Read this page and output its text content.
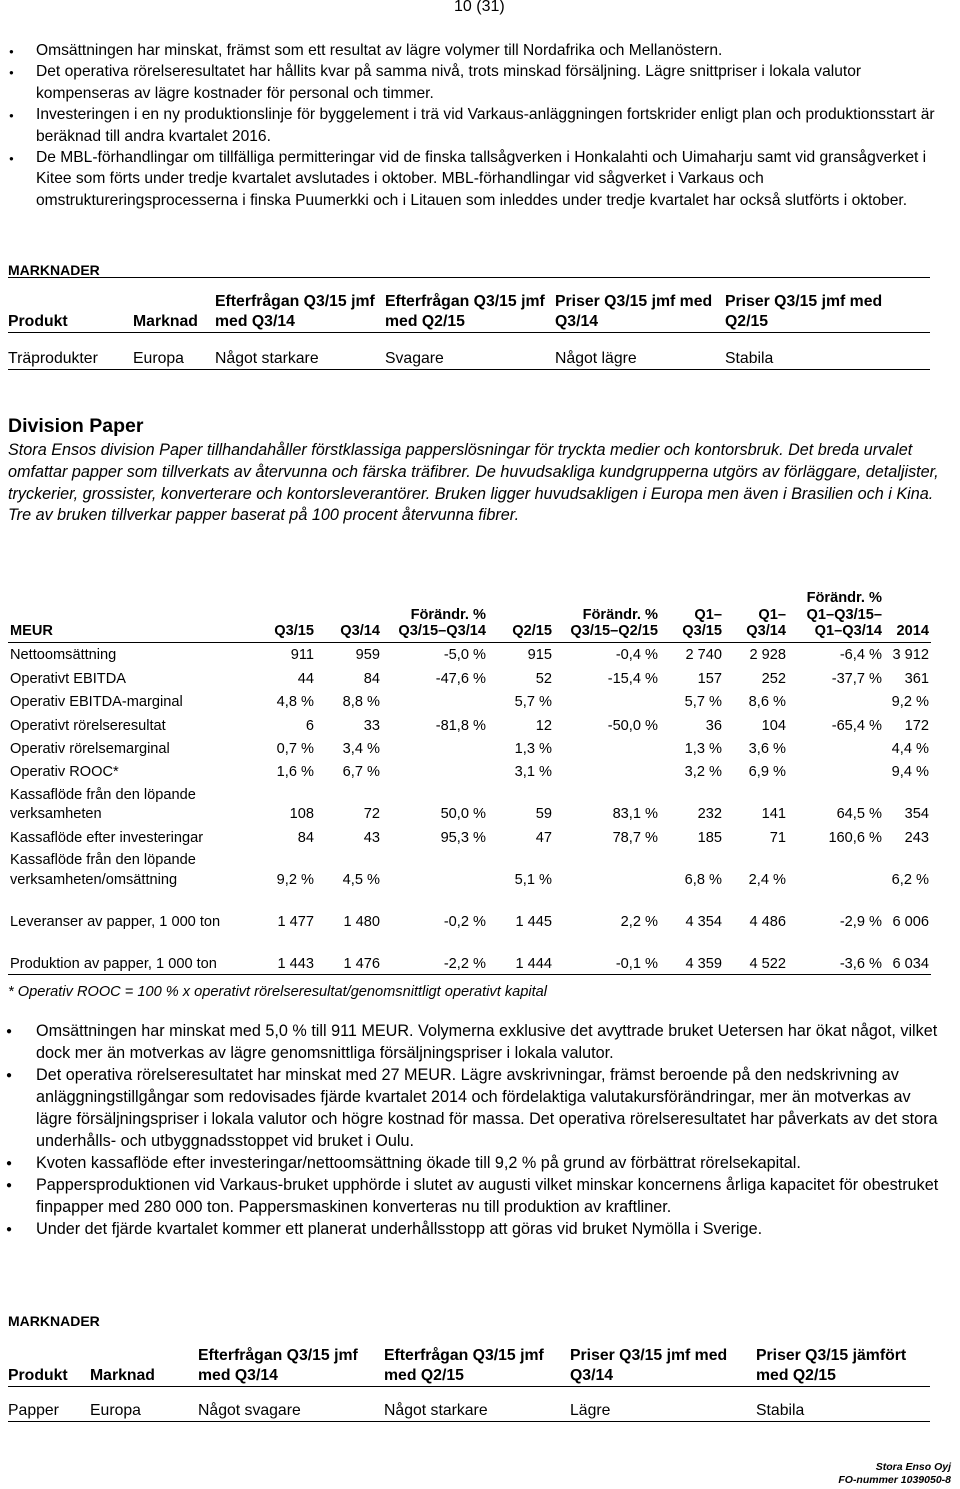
10 (31)
● Omsättningen har minskat, främst som ett resultat av lägre volymer till Nordafrika och Mellanöstern.
● Det operativa rörelseresultatet har hållits kvar på samma nivå, trots minskad försäljning. Lägre snittpriser i lokala valutor kompenseras av lägre kostnader för personal och timmer.
● Investeringen i en ny produktionslinje för byggelement i trä vid Varkaus-anläggningen fortskrider enligt plan och produktionsstart är beräknad till andra kvartalet 2016.
● De MBL-förhandlingar om tillfälliga permitteringar vid de finska tallsågverken i Honkalahti och Uimaharju samt vid gransågverket i Kitee som förts under tredje kvartalet avslutades i oktober. MBL-förhandlingar vid sågverket i Varkaus och omstruktureringsprocesserna i finska Puumerkki och i Litauen som inleddes under tredje kvartalet har också slutförts i oktober.
MARKNADER
Produkt	Marknad	Efterfrågan Q3/15 jmf med Q3/14	Efterfrågan Q3/15 jmf med Q2/15	Priser Q3/15 jmf med Q3/14	Priser Q3/15 jmf med Q2/15
Träprodukter	Europa	Något starkare	Svagare	Något lägre	Stabila
Division Paper

Stora Ensos division Paper tillhandahåller förstklassiga papperslösningar för tryckta medier och kontorsbruk. Det breda urvalet omfattar papper som tillverkats av återvunna och färska träfibrer. De huvudsakliga kundgrupperna utgörs av förläggare, detaljister, tryckerier, grossister, konverterare och kontorsleverantörer. Bruken ligger huvudsakligen i Europa men även i Brasilien och i Kina. Tre av bruken tillverkar papper baserat på 100 procent återvunna fibrer.

MEUR	Q3/15	Q3/14	Förändr. % Q3/15–Q3/14	Q2/15	Förändr. % Q3/15–Q2/15	Q1– Q3/15	Q1– Q3/14	Förändr. % Q1–Q3/15– Q1–Q3/14	2014
Nettoomsättning	911	959	-5,0 %	915	-0,4 %	2 740	2 928	-6,4 %	3 912
Operativt EBITDA	44	84	-47,6 %	52	-15,4 %	157	252	-37,7 %	361
Operativ EBITDA-marginal	4,8 %	8,8 %		5,7 %		5,7 %	8,6 %		9,2 %
Operativt rörelseresultat	6	33	-81,8 %	12	-50,0 %	36	104	-65,4 %	172
Operativ rörelsemarginal	0,7 %	3,4 %		1,3 %		1,3 %	3,6 %		4,4 %
Operativ ROOC*	1,6 %	6,7 %		3,1 %		3,2 %	6,9 %		9,4 %
Kassaflöde från den löpande verksamheten	108	72	50,0 %	59	83,1 %	232	141	64,5 %	354
Kassaflöde efter investeringar	84	43	95,3 %	47	78,7 %	185	71	160,6 %	243
Kassaflöde från den löpande verksamheten/omsättning	9,2 %	4,5 %		5,1 %		6,8 %	2,4 %		6,2 %
Leveranser av papper, 1 000 ton	1 477	1 480	-0,2 %	1 445	2,2 %	4 354	4 486	-2,9 %	6 006
Produktion av papper, 1 000 ton	1 443	1 476	-2,2 %	1 444	-0,1 %	4 359	4 522	-3,6 %	6 034
* Operativ ROOC = 100 % x operativt rörelseresultat/genomsnittligt operativt kapital
● Omsättningen har minskat med 5,0 % till 911 MEUR. Volymerna exklusive det avyttrade bruket Uetersen har ökat något, vilket dock mer än motverkas av lägre genomsnittliga försäljningspriser i lokala valutor.
● Det operativa rörelseresultatet har minskat med 27 MEUR. Lägre avskrivningar, främst beroende på den nedskrivning av anläggningstillgångar som redovisades fjärde kvartalet 2014 och fördelaktiga valutakursförändringar, mer än motverkas av lägre försäljningspriser i lokala valutor och högre kostnad för massa. Det operativa rörelseresultatet har påverkats av det stora underhålls- och utbyggnadsstoppet vid bruket i Oulu.
● Kvoten kassaflöde efter investeringar/nettoomsättning ökade till 9,2 % på grund av förbättrat rörelsekapital.
● Pappersproduktionen vid Varkaus-bruket upphörde i slutet av augusti vilket minskar koncernens årliga kapacitet för obestruket finpapper med 280 000 ton. Pappersmaskinen konverteras nu till produktion av kraftliner.
● Under det fjärde kvartalet kommer ett planerat underhållsstopp att göras vid bruket Nymölla i Sverige.
MARKNADER
Produkt	Marknad	Efterfrågan Q3/15 jmf med Q3/14	Efterfrågan Q3/15 jmf med Q2/15	Priser Q3/15 jmf med Q3/14	Priser Q3/15 jämfört med Q2/15
Papper	Europa	Något svagare	Något starkare	Lägre	Stabila
Stora Enso Oyj
FO-nummer 1039050-8
